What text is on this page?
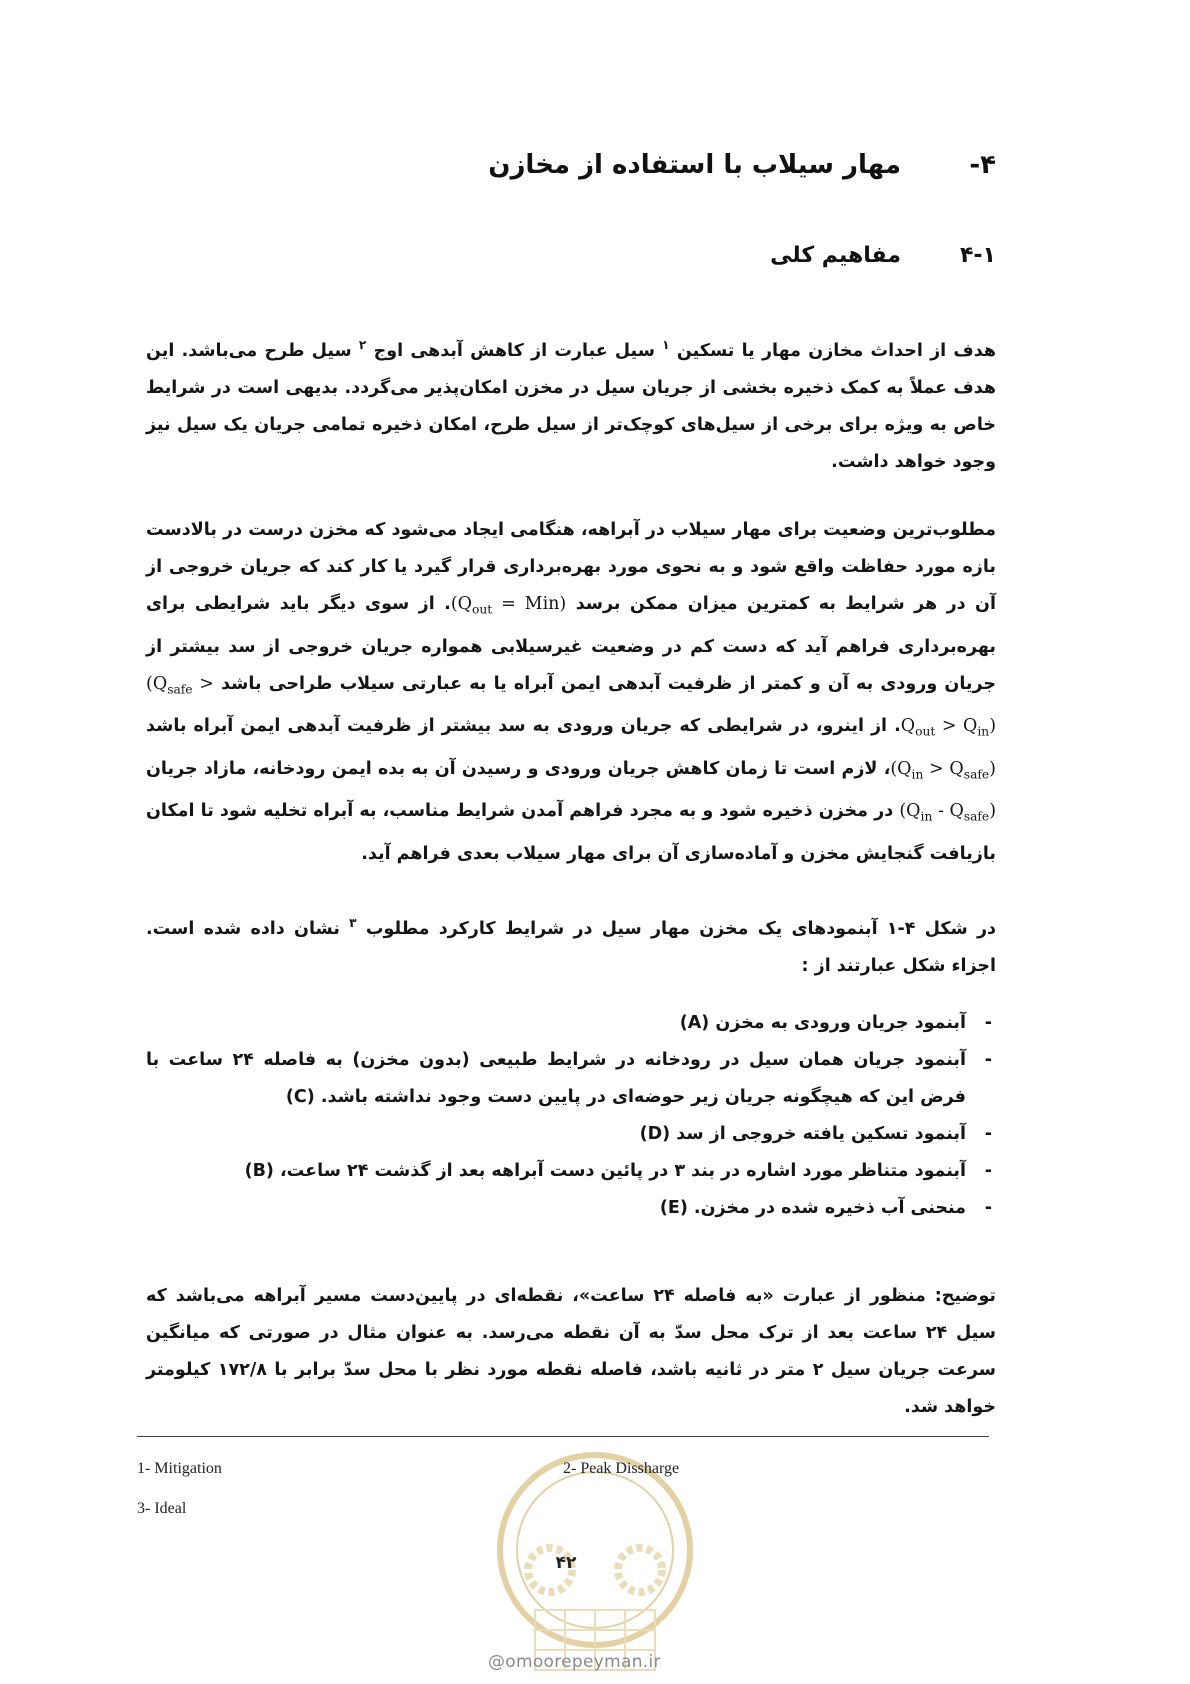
۴-مهار سیلاب با استفاده از مخازن
۴-۱مفاهیم کلی
هدف از احداث مخازن مهار یا تسکین $^۱$ سیل عبارت از کاهش آبدهی اوج $^۲$ سیل طرح می‌باشد. این هدف عملاً به کمک ذخیره بخشی از جریان سیل در مخزن امکان‌پذیر می‌گردد. بدیهی است در شرایط خاص به ویژه برای برخی از سیل‌های کوچک‌تر از سیل طرح، امکان ذخیره تمامی جریان یک سیل نیز وجود خواهد داشت.
مطلوب‌ترین وضعیت برای مهار سیلاب در آبراهه، هنگامی ایجاد می‌شود که مخزن درست در بالادست بازه مورد حفاظت واقع شود و به نحوی مورد بهره‌برداری قرار گیرد یا کار کند که جریان خروجی از آن در هر شرایط به کمترین میزان ممکن برسد $(Q_{out} = Min)$. از سوی دیگر باید شرایطی برای بهره‌برداری فراهم آید که دست کم در وضعیت غیرسیلابی همواره جریان خروجی از سد بیشتر از جریان ورودی به آن و کمتر از ظرفیت آبدهی ایمن آبراه یا به عبارتی سیلاب طراحی باشد $(Q_{safe} > Q_{out} > Q_{in})$. از اینرو، در شرایطی که جریان ورودی به سد بیشتر از ظرفیت آبدهی ایمن آبراه باشد ($Q_{in}$ > $Q_{safe})،$ لازم است تا زمان کاهش جریان ورودی و رسیدن آن به بده ایمن رودخانه، مازاد جریان $(Q_{in} - Q_{safe})$ در مخزن ذخیره شود و به مجرد فراهم آمدن شرایط مناسب، به آبراه تخلیه شود تا امکان بازیافت گنجایش مخزن و آماده‌سازی آن برای مهار سیلاب بعدی فراهم آید.
در شکل ۴-۱ آبنمودهای یک مخزن مهار سیل در شرایط کارکرد مطلوب $^۳$ نشان داده شده است. اجزاء شکل عبارتند از :
-
آبنمود جریان ورودی به مخزن (A)
-
آبنمود جریان همان سیل در رودخانه در شرایط طبیعی (بدون مخزن) به فاصله ۲۴ ساعت با فرض این که هیچگونه جریان زیر حوضه‌ای در پایین دست وجود نداشته باشد. (C)
-
آبنمود تسکین یافته خروجی از سد (D)
-
آبنمود متناظر مورد اشاره در بند ۳ در پائین دست آبراهه بعد از گذشت ۲۴ ساعت، (B)
-
منحنی آب ذخیره شده در مخزن. (E)
توضیح: منظور از عبارت «به فاصله ۲۴ ساعت»، نقطه‌ای در پایین‌دست مسیر آبراهه می‌باشد که سیل ۲۴ ساعت بعد از ترک محل سدّ به آن نقطه می‌رسد. به عنوان مثال در صورتی که میانگین سرعت جریان سیل ۲ متر در ثانیه باشد، فاصله نقطه مورد نظر با محل سدّ برابر با ۱۷۲/۸ کیلومتر خواهد شد.
1- Mitigation	2- Peak Dissharge
3- Ideal
۴۲
@omoorepeyman.ir
